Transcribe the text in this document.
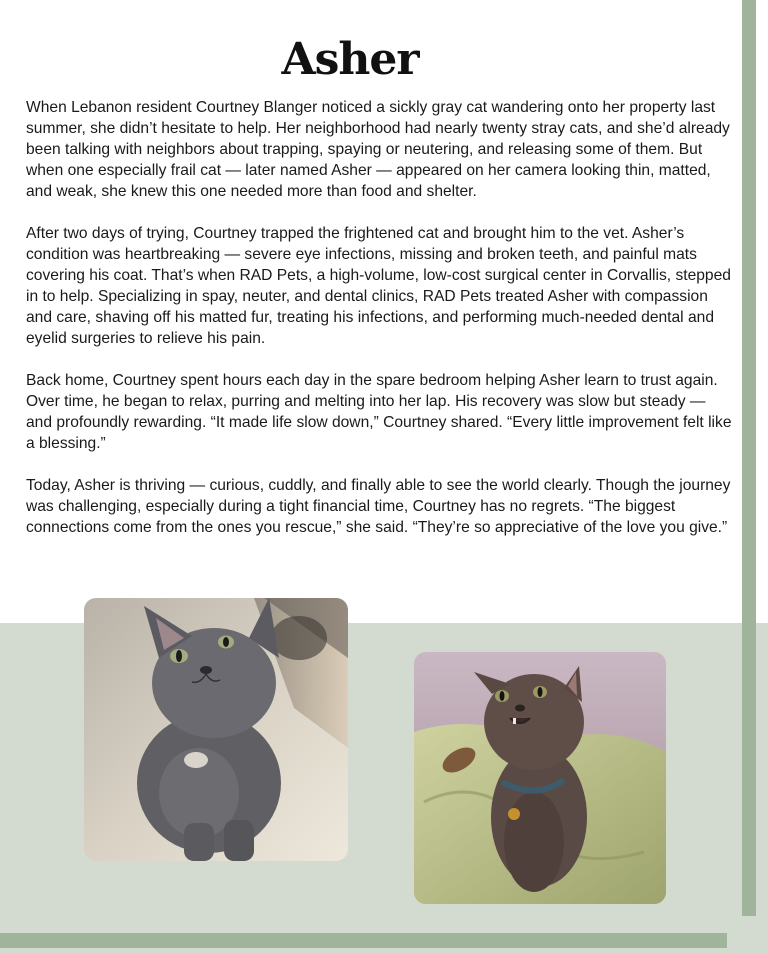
Asher

When Lebanon resident Courtney Blanger noticed a sickly gray cat wandering onto her property last summer, she didn’t hesitate to help. Her neighborhood had nearly twenty stray cats, and she’d already been talking with neighbors about trapping, spaying or neutering, and releasing some of them. But when one especially frail cat — later named Asher — appeared on her camera looking thin, matted, and weak, she knew this one needed more than food and shelter.

After two days of trying, Courtney trapped the frightened cat and brought him to the vet. Asher’s condition was heartbreaking — severe eye infections, missing and broken teeth, and painful mats covering his coat. That’s when RAD Pets, a high-volume, low-cost surgical center in Corvallis, stepped in to help. Specializing in spay, neuter, and dental clinics, RAD Pets treated Asher with compassion and care, shaving off his matted fur, treating his infections, and performing much-needed dental and eyelid surgeries to relieve his pain.

Back home, Courtney spent hours each day in the spare bedroom helping Asher learn to trust again. Over time, he began to relax, purring and melting into her lap. His recovery was slow but steady — and profoundly rewarding. “It made life slow down,” Courtney shared. “Every little improvement felt like a blessing.”

Today, Asher is thriving — curious, cuddly, and finally able to see the world clearly. Though the journey was challenging, especially during a tight financial time, Courtney has no regrets. “The biggest connections come from the ones you rescue,” she said. “They’re so appreciative of the love you give.”
